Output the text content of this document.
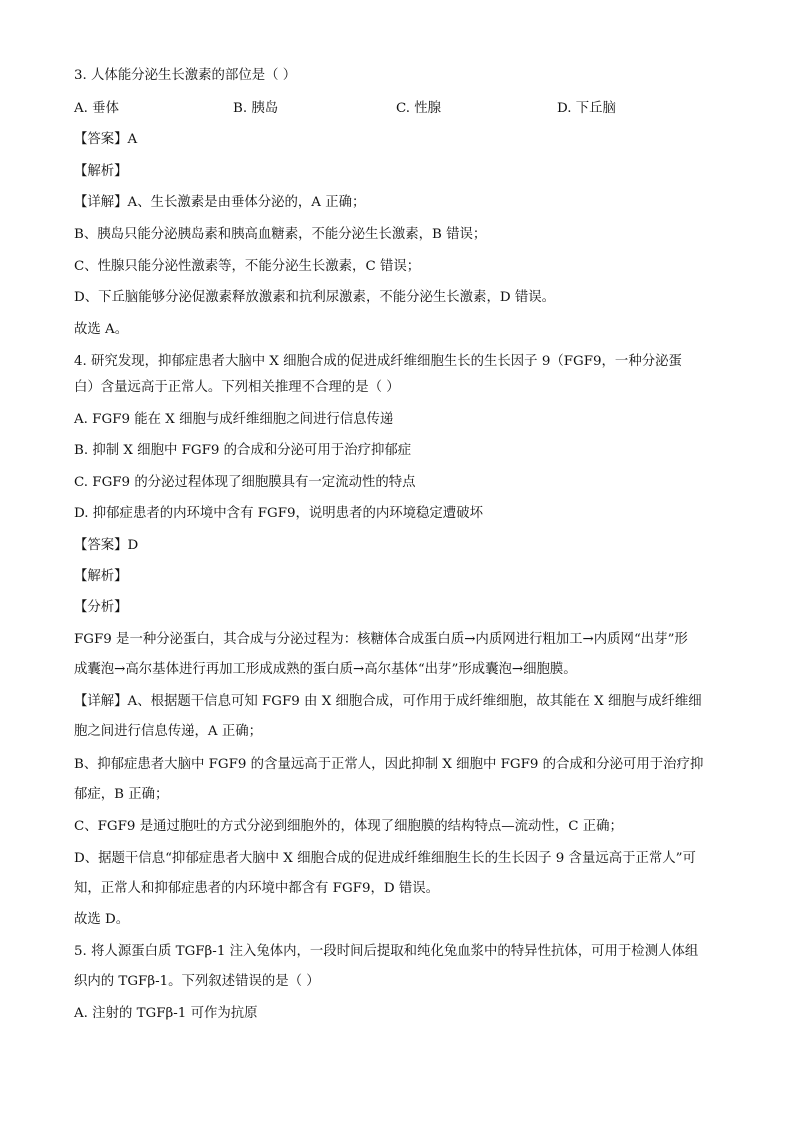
3. 人体能分泌生长激素的部位是（ ）
A. 垂体	B. 胰岛	C. 性腺	D. 下丘脑
【答案】A
【解析】
【详解】A、生长激素是由垂体分泌的，A 正确；
B、胰岛只能分泌胰岛素和胰高血糖素，不能分泌生长激素，B 错误；
C、性腺只能分泌性激素等，不能分泌生长激素，C 错误；
D、下丘脑能够分泌促激素释放激素和抗利尿激素，不能分泌生长激素，D 错误。
故选 A。
4. 研究发现，抑郁症患者大脑中 X 细胞合成的促进成纤维细胞生长的生长因子 9（FGF9，一种分泌蛋
白）含量远高于正常人。下列相关推理不合理的是（ ）
A. FGF9 能在 X 细胞与成纤维细胞之间进行信息传递
B. 抑制 X 细胞中 FGF9 的合成和分泌可用于治疗抑郁症
C. FGF9 的分泌过程体现了细胞膜具有一定流动性的特点
D. 抑郁症患者的内环境中含有 FGF9，说明患者的内环境稳定遭破坏
【答案】D
【解析】
【分析】
FGF9 是一种分泌蛋白，其合成与分泌过程为：核糖体合成蛋白质→内质网进行粗加工→内质网“出芽”形
成囊泡→高尔基体进行再加工形成成熟的蛋白质→高尔基体“出芽”形成囊泡→细胞膜。
【详解】A、根据题干信息可知 FGF9 由 X 细胞合成，可作用于成纤维细胞，故其能在 X 细胞与成纤维细
胞之间进行信息传递，A 正确；
B、抑郁症患者大脑中 FGF9 的含量远高于正常人，因此抑制 X 细胞中 FGF9 的合成和分泌可用于治疗抑
郁症，B 正确；
C、FGF9 是通过胞吐的方式分泌到细胞外的，体现了细胞膜的结构特点—流动性，C 正确；
D、据题干信息“抑郁症患者大脑中 X 细胞合成的促进成纤维细胞生长的生长因子 9 含量远高于正常人”可
知，正常人和抑郁症患者的内环境中都含有 FGF9，D 错误。
故选 D。
5. 将人源蛋白质 TGFβ-1 注入兔体内，一段时间后提取和纯化兔血浆中的特异性抗体，可用于检测人体组
织内的 TGFβ-1。下列叙述错误的是（ ）
A. 注射的 TGFβ-1 可作为抗原
